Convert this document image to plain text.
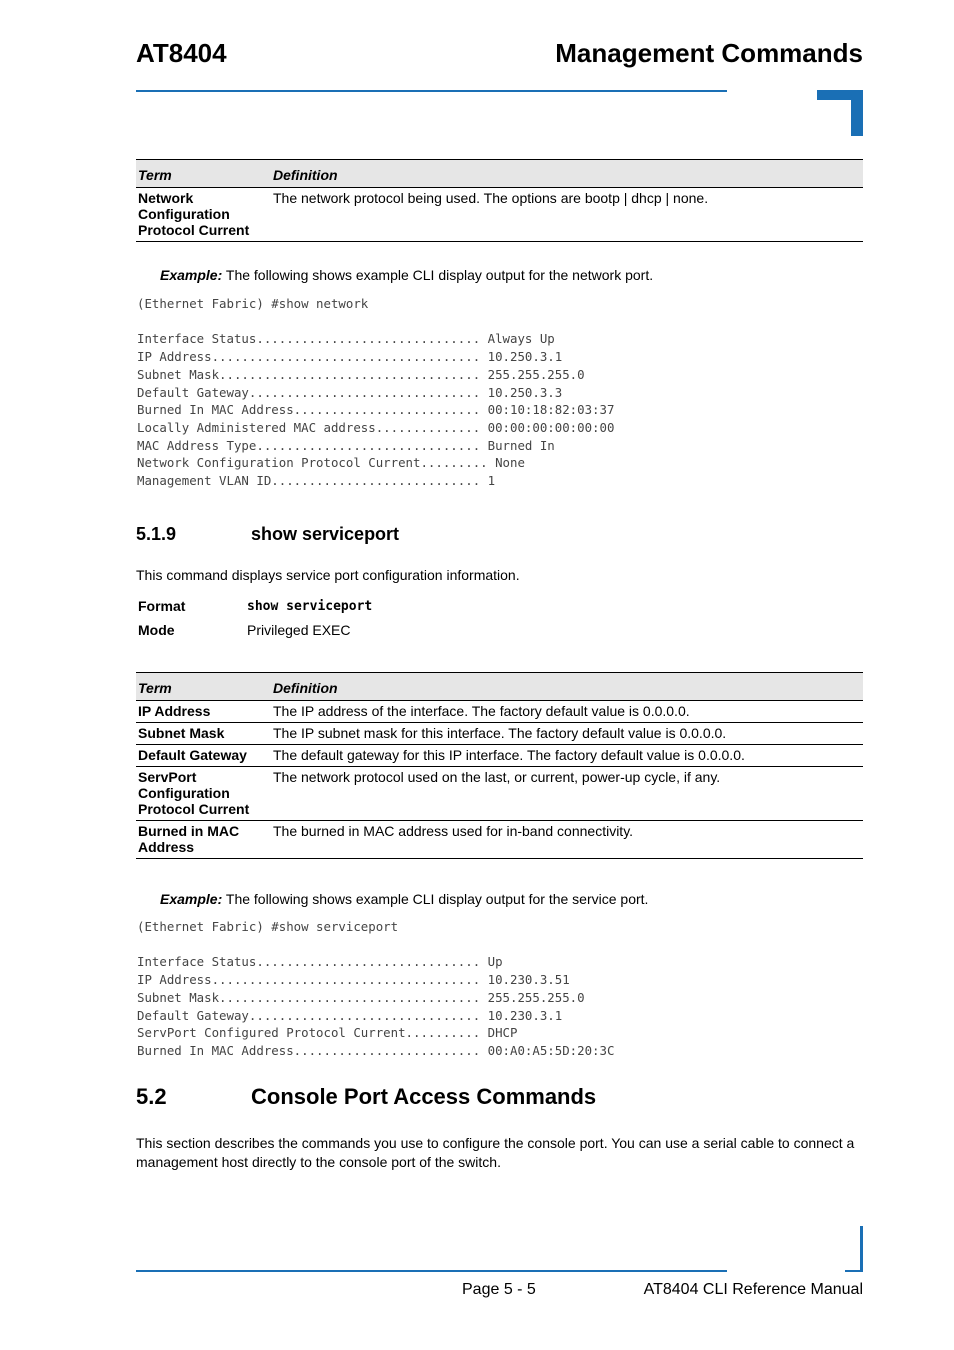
AT8404	Management Commands
Term	Definition
Network Configuration Protocol Current	The network protocol being used. The options are bootp | dhcp | none.
Example: The following shows example CLI display output for the network port.
(Ethernet Fabric) #show network

Interface Status.............................. Always Up
IP Address.................................... 10.250.3.1
Subnet Mask................................... 255.255.255.0
Default Gateway............................... 10.250.3.3
Burned In MAC Address......................... 00:10:18:82:03:37
Locally Administered MAC address.............. 00:00:00:00:00:00
MAC Address Type.............................. Burned In
Network Configuration Protocol Current......... None
Management VLAN ID............................ 1
5.1.9	show serviceport
This command displays service port configuration information.
Format	show serviceport
Mode	Privileged EXEC
Term	Definition
IP Address	The IP address of the interface. The factory default value is 0.0.0.0.
Subnet Mask	The IP subnet mask for this interface. The factory default value is 0.0.0.0.
Default Gateway	The default gateway for this IP interface. The factory default value is 0.0.0.0.
ServPort Configuration Protocol Current	The network protocol used on the last, or current, power-up cycle, if any.
Burned in MAC Address	The burned in MAC address used for in-band connectivity.
Example: The following shows example CLI display output for the service port.
(Ethernet Fabric) #show serviceport

Interface Status.............................. Up
IP Address.................................... 10.230.3.51
Subnet Mask................................... 255.255.255.0
Default Gateway............................... 10.230.3.1
ServPort Configured Protocol Current.......... DHCP
Burned In MAC Address......................... 00:A0:A5:5D:20:3C
5.2	Console Port Access Commands
This section describes the commands you use to configure the console port. You can use a serial cable to connect a management host directly to the console port of the switch.
Page 5 - 5	AT8404 CLI Reference Manual
